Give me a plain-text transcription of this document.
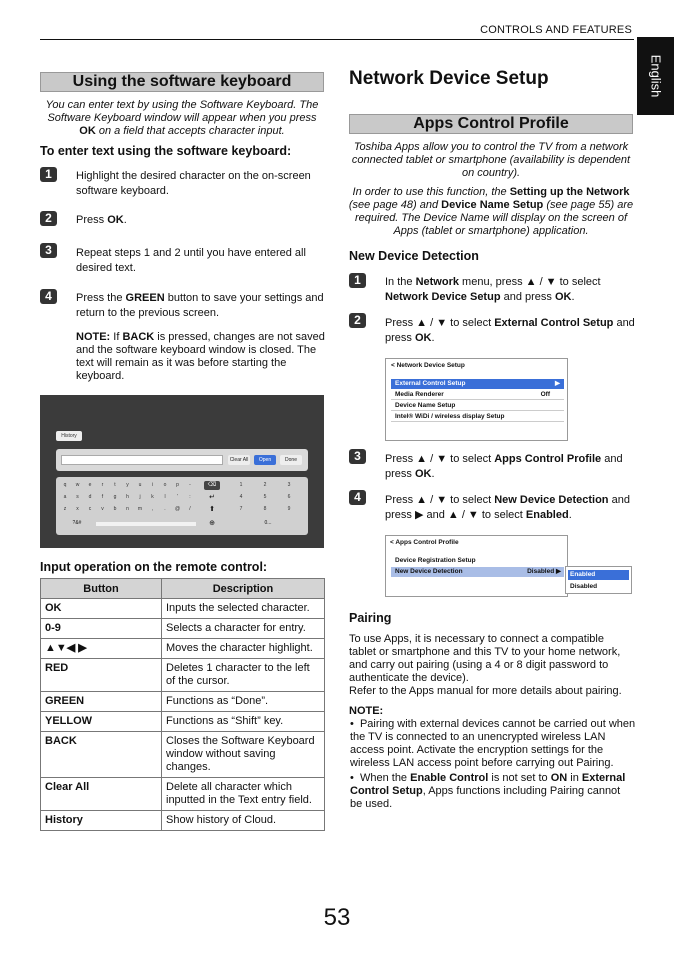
CONTROLS AND FEATURES
English
Using the software keyboard
You can enter text by using the Software Keyboard. The
Software Keyboard window will appear when you press
OK on a field that accepts character input.
To enter text using the software keyboard:
1	Highlight the desired character on the on-screen
software keyboard.
2	Press OK.
3	Repeat steps 1 and 2 until you have entered all
desired text.
4	Press the GREEN button to save your settings and
return to the previous screen.
NOTE: If BACK is pressed, changes are not saved
and the software keyboard window is closed. The
text will remain as it was before starting the
keyboard.
History
Clear All	Open	Done
q	w	e	r	t	y	u	i	o	p	-
a	s	d	f	g	h	j	k	l	'	:
z	x	c	v	b	n	m	,	.	@	/
⌫
↵
⬆
?&#	⊕
1	2	3
4	5	6
7	8	9
0...
Input operation on the remote control:
Button	Description
OK	Inputs the selected character.
0-9	Selects a character for entry.
▲▼◀ ▶	Moves the character highlight.
RED	Deletes 1 character to the left of the cursor.
GREEN	Functions as “Done”.
YELLOW	Functions as “Shift” key.
BACK	Closes the Software Keyboard window without saving changes.
Clear All	Delete all character which inputted in the Text entry field.
History	Show history of Cloud.
Network Device Setup
Apps Control Profile
Toshiba Apps allow you to control the TV from a network
connected tablet or smartphone (availability is dependent
on country).
In order to use this function, the Setting up the Network
(see page 48) and Device Name Setup (see page 55) are
required. The Device Name will display on the screen of
Apps (tablet or smartphone) application.
New Device Detection
1	In the Network menu, press ▲ / ▼ to select
Network Device Setup and press OK.
2	Press ▲ / ▼ to select External Control Setup and
press OK.
< Network Device Setup
External Control Setup	▶
Media Renderer	Off
Device Name Setup
Intel® WiDi / wireless display Setup
3	Press ▲ / ▼ to select Apps Control Profile and
press OK.
4	Press ▲ / ▼ to select New Device Detection and
press ▶ and ▲ / ▼ to select Enabled.
< Apps Control Profile
Device Registration Setup
New Device Detection	Disabled ▶	Enabled
Disabled
Pairing
To use Apps, it is necessary to connect a compatible
tablet or smartphone and this TV to your home network,
and carry out pairing (using a 4 or 8 digit password to
authenticate the device).
Refer to the Apps manual for more details about pairing.
NOTE:
•  Pairing with external devices cannot be carried out when
the TV is connected to an unencrypted wireless LAN
access point. Activate the encryption settings for the
wireless LAN access point before carrying out Pairing.
•  When the Enable Control is not set to ON in External
Control Setup, Apps functions including Pairing cannot
be used.
53
